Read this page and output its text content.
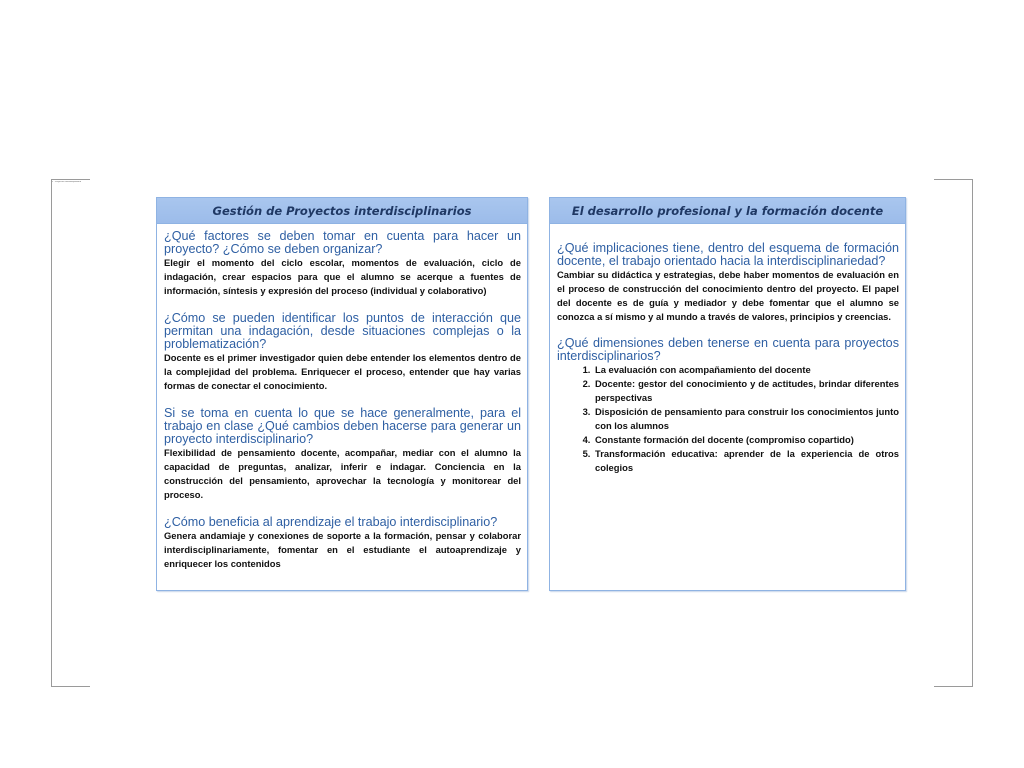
2 · Proyecto interdisciplinario
Gestión de Proyectos interdisciplinarios

¿Qué factores se deben tomar en cuenta para hacer un proyecto? ¿Cómo se deben organizar?

Elegir el momento del ciclo escolar, momentos de evaluación, ciclo de indagación, crear espacios para que el alumno se acerque a fuentes de información, síntesis y expresión del proceso (individual y colaborativo)

¿Cómo se pueden identificar los puntos de interacción que permitan una indagación, desde situaciones complejas o la problematización?

Docente es el primer investigador quien debe entender los elementos dentro de la complejidad del problema. Enriquecer el proceso, entender que hay varias formas de conectar el conocimiento.

Si se toma en cuenta lo que se hace generalmente, para el trabajo en clase ¿Qué cambios deben hacerse para generar un proyecto interdisciplinario?

Flexibilidad de pensamiento docente, acompañar, mediar con el alumno la capacidad de preguntas, analizar, inferir e indagar. Conciencia en la construcción del pensamiento, aprovechar la tecnología y monitorear del proceso.

¿Cómo beneficia al aprendizaje el trabajo interdisciplinario?

Genera andamiaje y conexiones de soporte a la formación, pensar y colaborar interdisciplinariamente, fomentar en el estudiante el autoaprendizaje y enriquecer los contenidos

El desarrollo profesional y la formación docente

¿Qué implicaciones tiene, dentro del esquema de formación docente, el trabajo orientado hacia la interdisciplinariedad?

Cambiar su didáctica y estrategias, debe haber momentos de evaluación en el proceso de construcción del conocimiento dentro del proyecto. El papel del docente es de guía y mediador y debe fomentar que el alumno se conozca a sí mismo y al mundo a través de valores, principios y creencias.

¿Qué dimensiones deben tenerse en cuenta para proyectos interdisciplinarios?

1. La evaluación con acompañamiento del docente
2. Docente: gestor del conocimiento y de actitudes, brindar diferentes perspectivas
3. Disposición de pensamiento para construir los conocimientos junto con los alumnos
4. Constante formación del docente (compromiso copartido)
5. Transformación educativa: aprender de la experiencia de otros colegios
